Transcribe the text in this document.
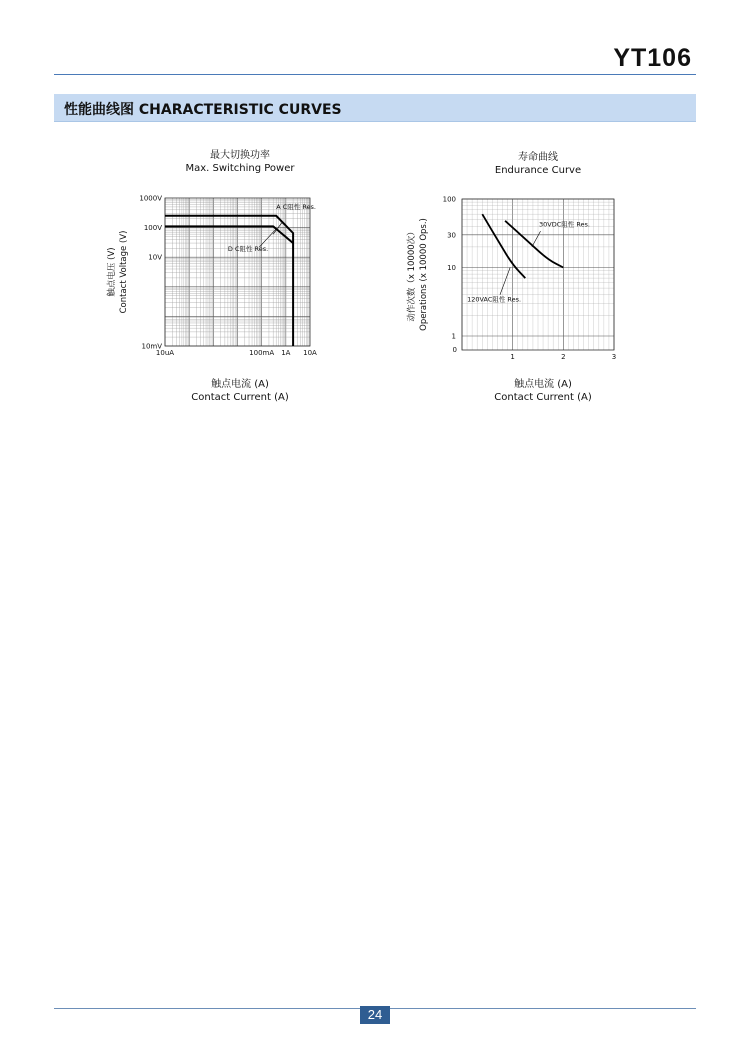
YT106
性能曲线图 CHARACTERISTIC CURVES
最大切换功率
Max. Switching Power
10uA	100mA 1A 10A
10mV
10V
100V
1000V
A C阻性 Res.
D C阻性 Res.
触点电压 (V) Contact Voltage (V)
触点电流 (A)
Contact Current (A)
寿命曲线
Endurance Curve
1	2	3
0
1
10
30
100
30VDC阻性 Res.
120VAC阻性 Res.
动作次数（x 10000次） Operations (x 10000 Ops.)
触点电流 (A)
Contact Current (A)
24
